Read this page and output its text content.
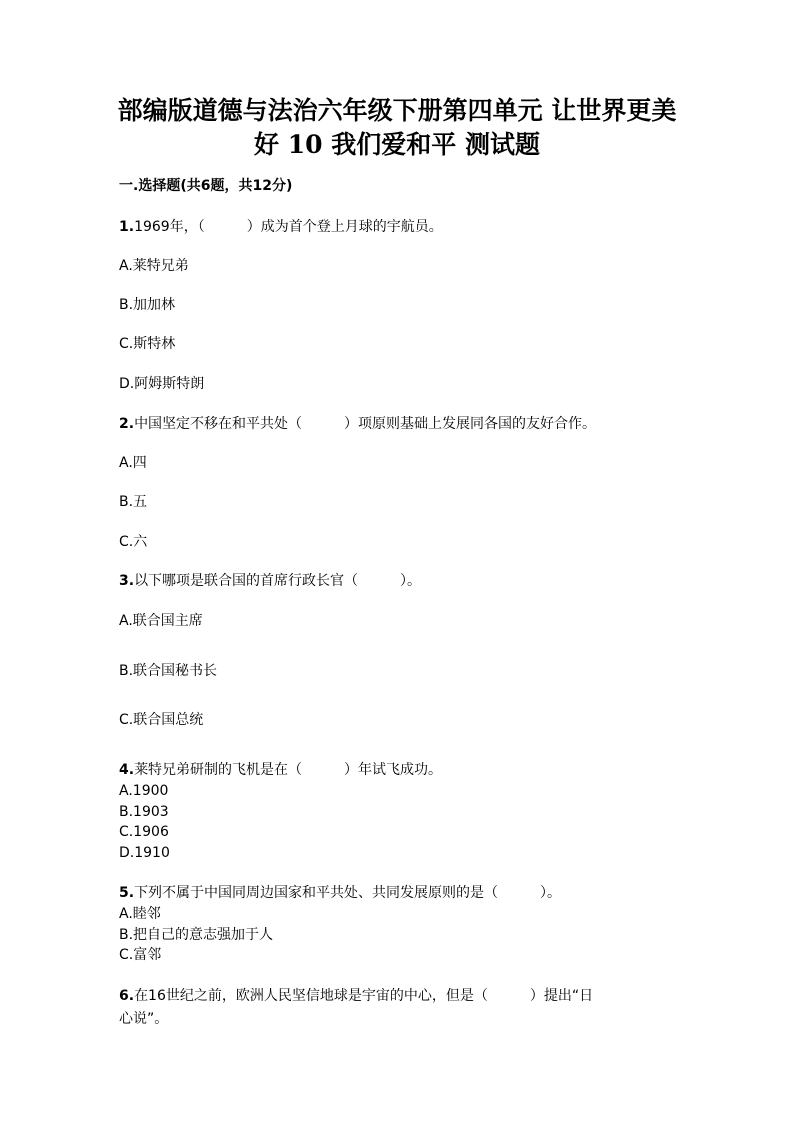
部编版道德与法治六年级下册第四单元 让世界更美
好 10 我们爱和平 测试题
一.选择题(共6题，共12分)
1.1969年，（　　　）成为首个登上月球的宇航员。
A.莱特兄弟
B.加加林
C.斯特林
D.阿姆斯特朗
2.中国坚定不移在和平共处（　　　）项原则基础上发展同各国的友好合作。
A.四
B.五
C.六
3.以下哪项是联合国的首席行政长官（　　　）。
A.联合国主席
B.联合国秘书长
C.联合国总统
4.莱特兄弟研制的飞机是在（　　　）年试飞成功。
A.1900
B.1903
C.1906
D.1910
5.下列不属于中国同周边国家和平共处、共同发展原则的是（　　　）。
A.睦邻
B.把自己的意志强加于人
C.富邻
6.在16世纪之前，欧洲人民坚信地球是宇宙的中心，但是（　　　）提出“日
心说”。
